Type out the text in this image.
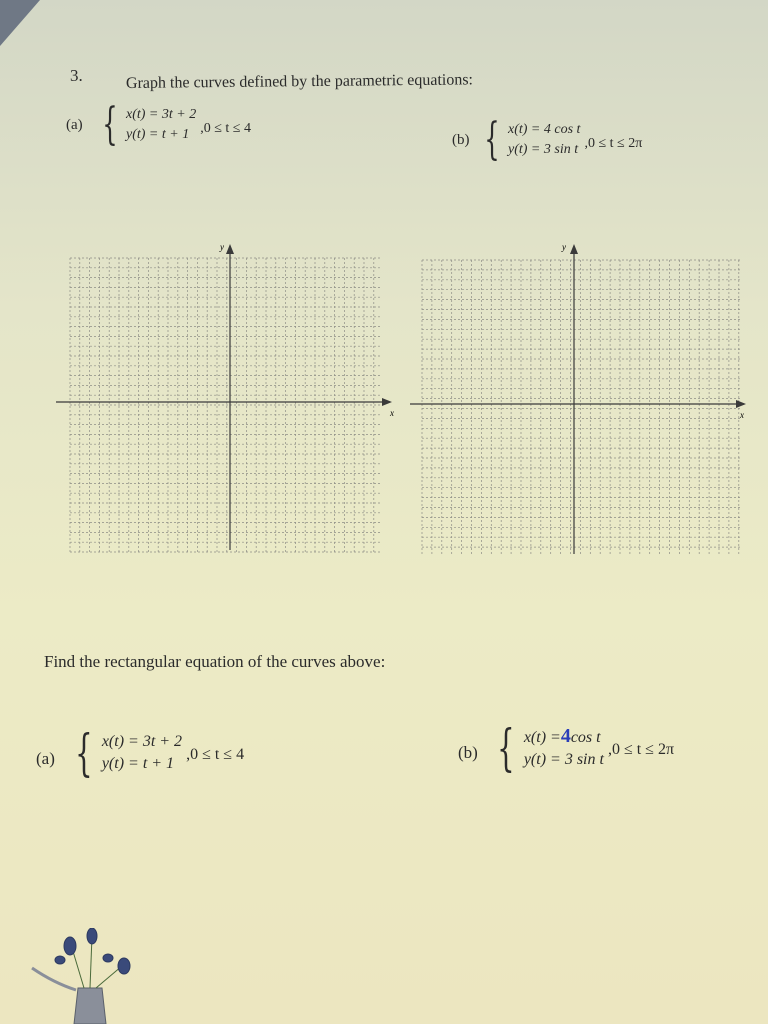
3.	Graph the curves defined by the parametric equations:
(a) { x(t) = 3t + 2
y(t) = t + 1 ,0 ≤ t ≤ 4
(b) { x(t) = 4 cos t
y(t) = 3 sin t ,0 ≤ t ≤ 2π
x
y
x
y
Find the rectangular equation of the curves above:
(a) { x(t) = 3t + 2
y(t) = t + 1
,0 ≤ t ≤ 4	(b) { x(t) =4cos t
y(t) = 3 sin t
,0 ≤ t ≤ 2π
